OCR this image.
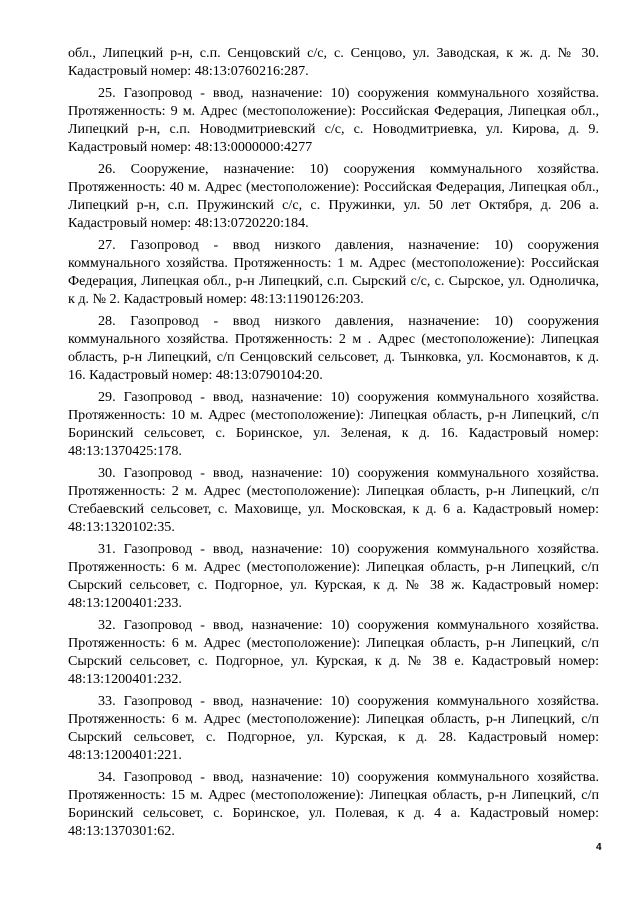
обл., Липецкий р-н, с.п. Сенцовский с/с, с. Сенцово, ул. Заводская, к ж. д. № 30. Кадастровый номер: 48:13:0760216:287.

25. Газопровод - ввод, назначение: 10) сооружения коммунального хозяйства. Протяженность: 9 м. Адрес (местоположение): Российская Федерация, Липецкая обл., Липецкий р-н, с.п. Новодмитриевский с/с, с. Новодмитриевка, ул. Кирова, д. 9. Кадастровый номер: 48:13:0000000:4277

26. Сооружение, назначение: 10) сооружения коммунального хозяйства. Протяженность: 40 м. Адрес (местоположение): Российская Федерация, Липецкая обл., Липецкий р-н, с.п. Пружинский с/с, с. Пружинки, ул. 50 лет Октября, д. 206 а. Кадастровый номер: 48:13:0720220:184.

27. Газопровод - ввод низкого давления, назначение: 10) сооружения коммунального хозяйства. Протяженность: 1 м. Адрес (местоположение): Российская Федерация, Липецкая обл., р-н Липецкий, с.п. Сырский с/с, с. Сырское, ул. Одноличка, к д. № 2. Кадастровый номер: 48:13:1190126:203.

28. Газопровод - ввод низкого давления, назначение: 10) сооружения коммунального хозяйства. Протяженность: 2 м . Адрес (местоположение): Липецкая область, р-н Липецкий, с/п Сенцовский сельсовет, д. Тынковка, ул. Космонавтов, к д. 16. Кадастровый номер: 48:13:0790104:20.

29. Газопровод - ввод, назначение: 10) сооружения коммунального хозяйства. Протяженность: 10 м. Адрес (местоположение): Липецкая область, р-н Липецкий, с/п Боринский сельсовет, с. Боринское, ул. Зеленая, к д. 16. Кадастровый номер: 48:13:1370425:178.

30. Газопровод - ввод, назначение: 10) сооружения коммунального хозяйства. Протяженность: 2 м. Адрес (местоположение): Липецкая область, р-н Липецкий, с/п Стебаевский сельсовет, с. Маховище, ул. Московская, к д. 6 а. Кадастровый номер: 48:13:1320102:35.

31. Газопровод - ввод, назначение: 10) сооружения коммунального хозяйства. Протяженность: 6 м. Адрес (местоположение): Липецкая область, р-н Липецкий, с/п Сырский сельсовет, с. Подгорное, ул. Курская, к д. № 38 ж. Кадастровый номер: 48:13:1200401:233.

32. Газопровод - ввод, назначение: 10) сооружения коммунального хозяйства. Протяженность: 6 м. Адрес (местоположение): Липецкая область, р-н Липецкий, с/п Сырский сельсовет, с. Подгорное, ул. Курская, к д. № 38 е. Кадастровый номер: 48:13:1200401:232.

33. Газопровод - ввод, назначение: 10) сооружения коммунального хозяйства. Протяженность: 6 м. Адрес (местоположение): Липецкая область, р-н Липецкий, с/п Сырский сельсовет, с. Подгорное, ул. Курская, к д. 28. Кадастровый номер: 48:13:1200401:221.

34. Газопровод - ввод, назначение: 10) сооружения коммунального хозяйства. Протяженность: 15 м. Адрес (местоположение): Липецкая область, р-н Липецкий, с/п Боринский сельсовет, с. Боринское, ул. Полевая, к д. 4 а. Кадастровый номер: 48:13:1370301:62.

4
